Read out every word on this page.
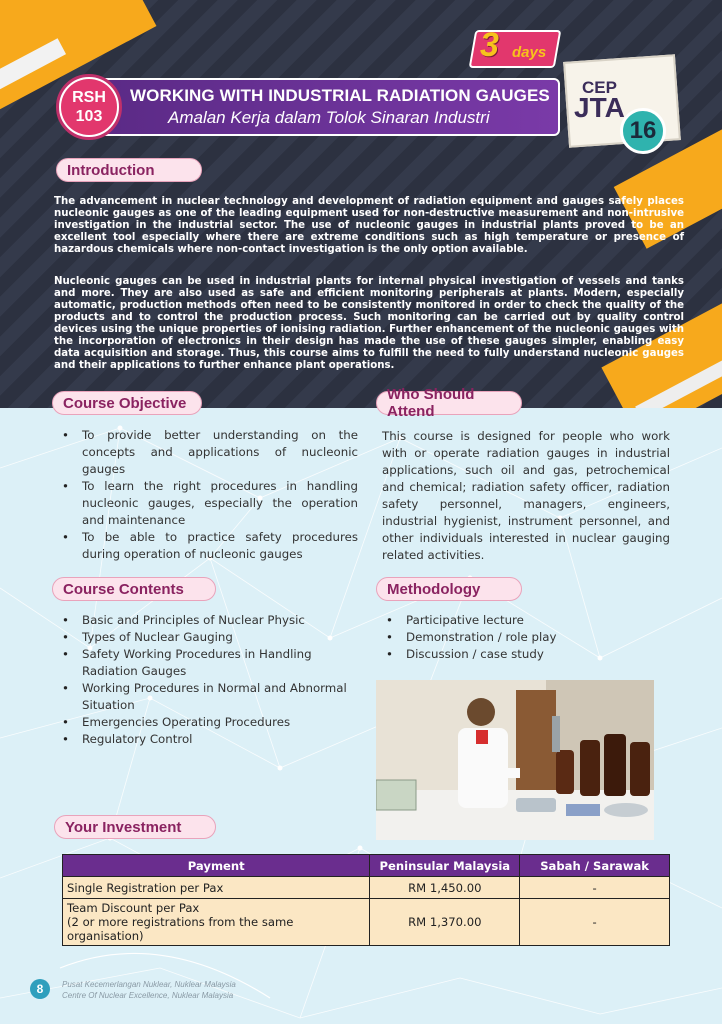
3 days
WORKING WITH INDUSTRIAL RADIATION GAUGES
Amalan Kerja dalam Tolok Sinaran Industri
RSH
103
CEP
JTA
16
Introduction

The advancement in nuclear technology and development of radiation equipment and gauges safely places nucleonic gauges as one of the leading equipment used for non-destructive measurement and non-intrusive investigation in the industrial sector. The use of nucleonic gauges in industrial plants proved to be an excellent tool especially where there are extreme conditions such as high temperature or presence of hazardous chemicals where non-contact investigation is the only option available.

Nucleonic gauges can be used in industrial plants for internal physical investigation of vessels and tanks and more. They are also used as safe and efficient monitoring peripherals at plants. Modern, especially automatic, production methods often need to be consistently monitored in order to check the quality of the products and to control the production process. Such monitoring can be carried out by quality control devices using the unique properties of ionising radiation. Further enhancement of the nucleonic gauges with the incorporation of electronics in their design has made the use of these gauges simpler, enabling easy data acquisition and storage. Thus, this course aims to fulfill the need to fully understand nucleonic gauges and their applications to further enhance plant operations.

Course Objective
• To provide better understanding on the concepts and applications of nucleonic gauges
• To learn the right procedures in handling nucleonic gauges, especially the operation and maintenance
• To be able to practice safety procedures during operation of nucleonic gauges
Who Should Attend

This course is designed for people who work with or operate radiation gauges in industrial applications, such oil and gas, petrochemical and chemical; radiation safety officer, radiation safety personnel, managers, engineers, industrial hygienist, instrument personnel, and other individuals interested in nuclear gauging related activities.

Course Contents
• Basic and Principles of Nuclear Physic
• Types of Nuclear Gauging
• Safety Working Procedures in Handling Radiation Gauges
• Working Procedures in Normal and Abnormal Situation
• Emergencies Operating Procedures
• Regulatory Control
Methodology
• Participative lecture
• Demonstration / role play
• Discussion / case study
Your Investment
Payment	Peninsular Malaysia	Sabah / Sarawak
Single Registration per Pax	RM 1,450.00	-

Team Discount per Pax
(2 or more registrations from the same organisation)	RM 1,370.00	-
8	Pusat Kecemerlangan Nuklear, Nuklear Malaysia
Centre Of Nuclear Excellence, Nuklear Malaysia
